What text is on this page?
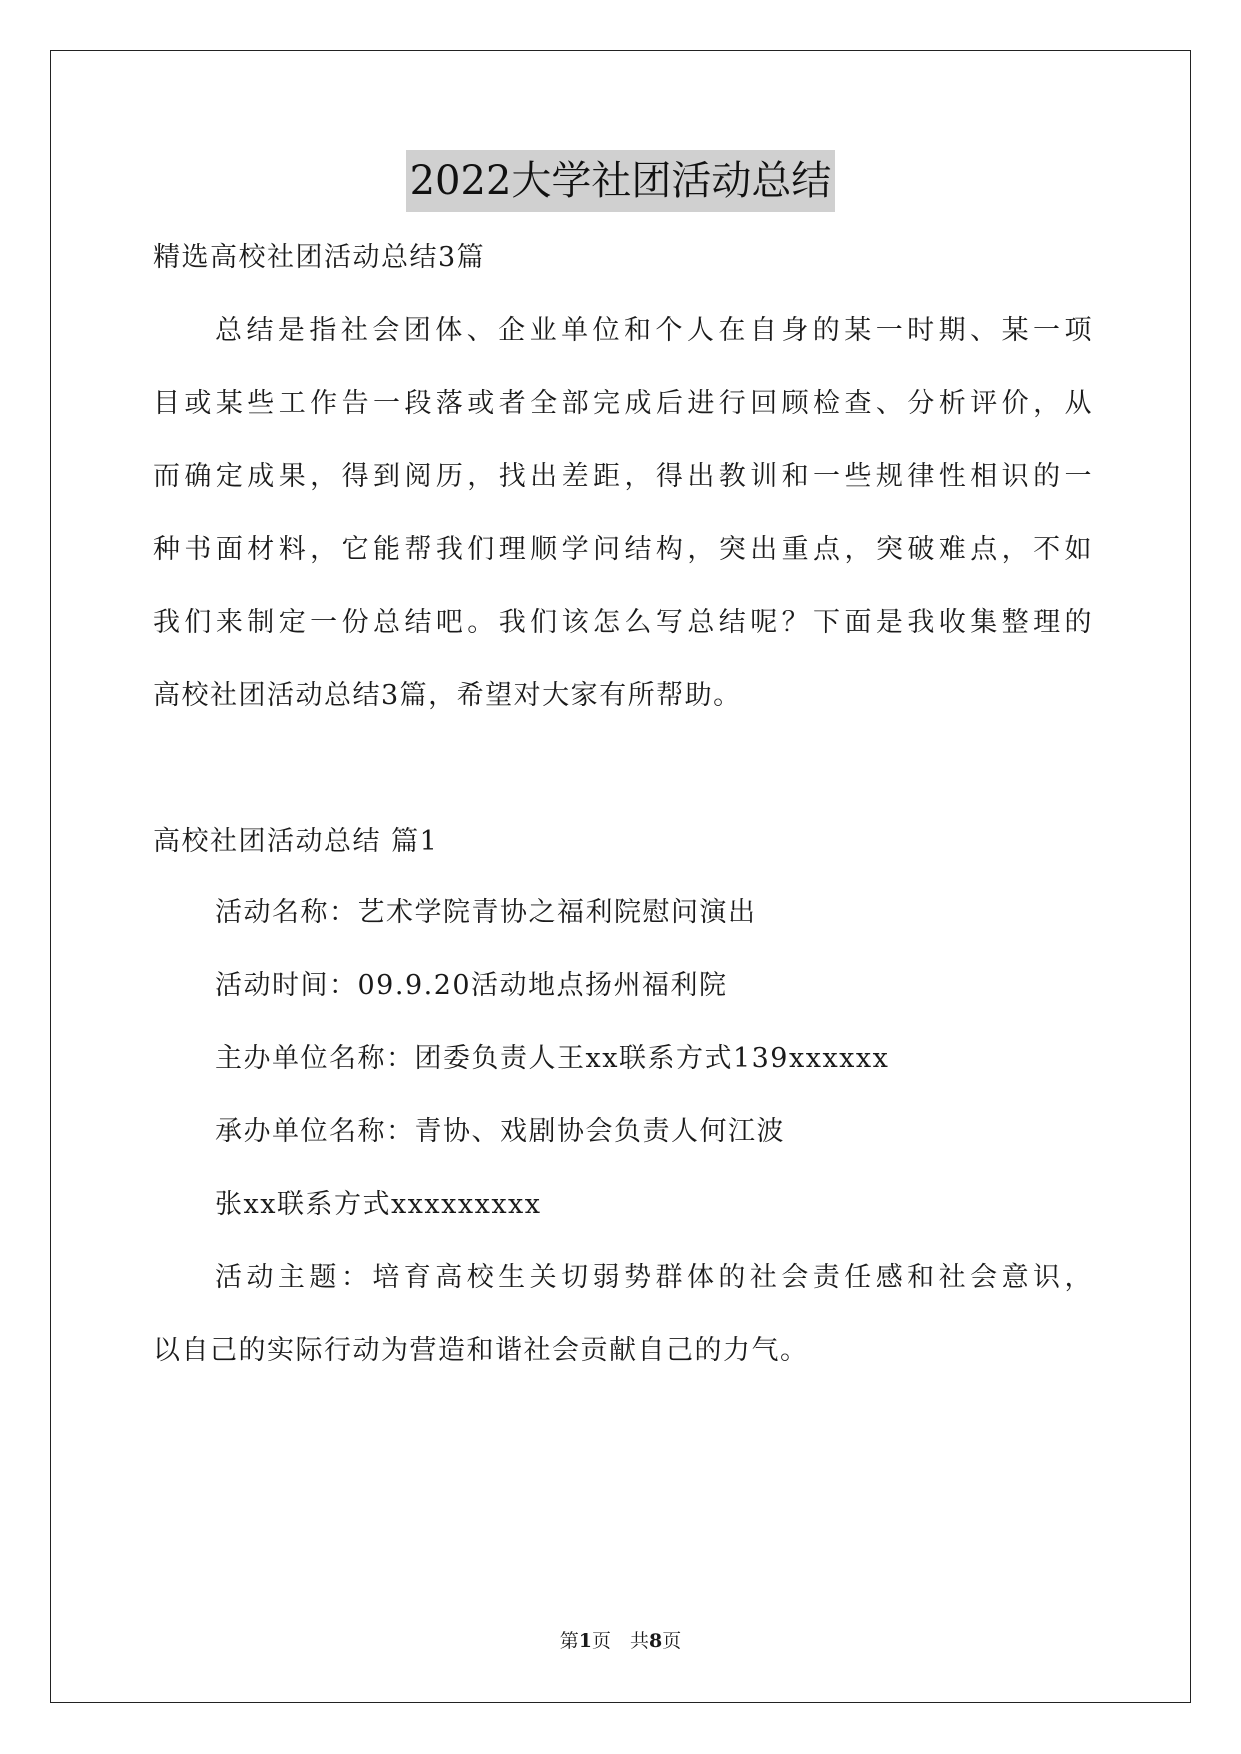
2022大学社团活动总结
精选高校社团活动总结3篇
总结是指社会团体、企业单位和个人在自身的某一时期、某一项
目或某些工作告一段落或者全部完成后进行回顾检查、分析评价，从
而确定成果，得到阅历，找出差距，得出教训和一些规律性相识的一
种书面材料，它能帮我们理顺学问结构，突出重点，突破难点，不如
我们来制定一份总结吧。我们该怎么写总结呢？下面是我收集整理的
高校社团活动总结3篇，希望对大家有所帮助。
高校社团活动总结 篇1
活动名称：艺术学院青协之福利院慰问演出
活动时间：09.9.20活动地点扬州福利院
主办单位名称：团委负责人王xx联系方式139xxxxxx
承办单位名称：青协、戏剧协会负责人何江波
张xx联系方式xxxxxxxxx
活动主题：培育高校生关切弱势群体的社会责任感和社会意识，
以自己的实际行动为营造和谐社会贡献自己的力气。
第1页　共8页
